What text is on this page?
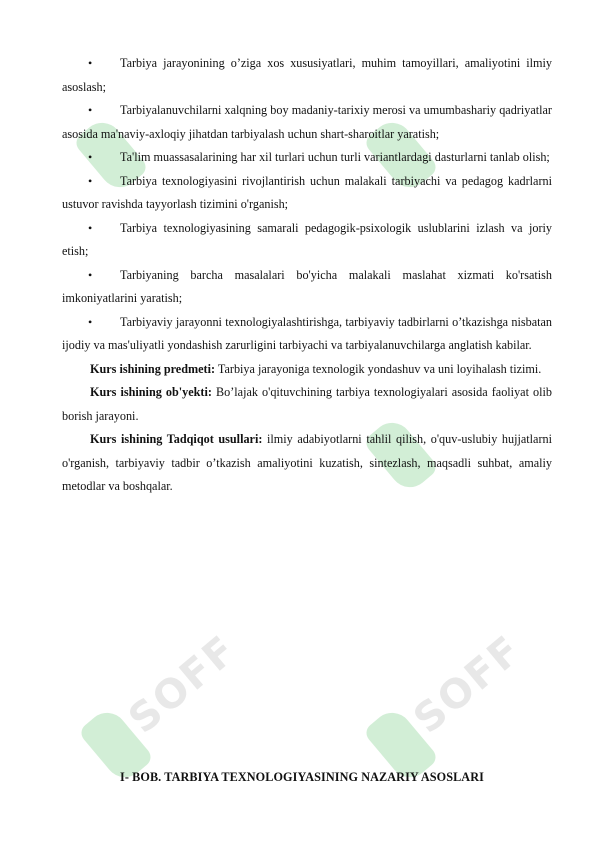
SOFF	SOFF
•	Tarbiya jarayonining o’ziga xos xususiyatlari, muhim tamoyillari, amaliyotini ilmiy asoslash;
•	Tarbiyalanuvchilarni xalqning boy madaniy-tarixiy merosi va umumbashariy qadriyatlar asosida ma'naviy-axloqiy jihatdan tarbiyalash uchun shart-sharoitlar yaratish;
•	Ta'lim muassasalarining har xil turlari uchun turli variantlardagi dasturlarni tanlab olish;
•	Tarbiya texnologiyasini rivojlantirish uchun malakali tarbiyachi va pedagog kadrlarni ustuvor ravishda tayyorlash tizimini o'rganish;
•	Tarbiya texnologiyasining samarali pedagogik-psixologik uslublarini izlash va joriy etish;
•	Tarbiyaning barcha masalalari bo'yicha malakali maslahat xizmati ko'rsatish imkoniyatlarini yaratish;
•	Tarbiyaviy jarayonni texnologiyalashtirishga, tarbiyaviy tadbirlarni o’tkazishga nisbatan ijodiy va mas'uliyatli yondashish zarurligini tarbiyachi va tarbiyalanuvchilarga anglatish kabilar.

Kurs ishining predmeti: Tarbiya jarayoniga texnologik yondashuv va uni loyihalash tizimi.

Kurs ishining ob'yekti: Bo’lajak o'qituvchining tarbiya texnologiyalari asosida faoliyat olib borish jarayoni.

Kurs ishining Tadqiqot usullari: ilmiy adabiyotlarni tahlil qilish, o'quv-uslubiy hujjatlarni o'rganish, tarbiyaviy tadbir o’tkazish amaliyotini kuzatish, sintezlash, maqsadli suhbat, amaliy metodlar va boshqalar.

I- BOB. TARBIYA TEXNOLOGIYASINING NAZARIY ASOSLARI
